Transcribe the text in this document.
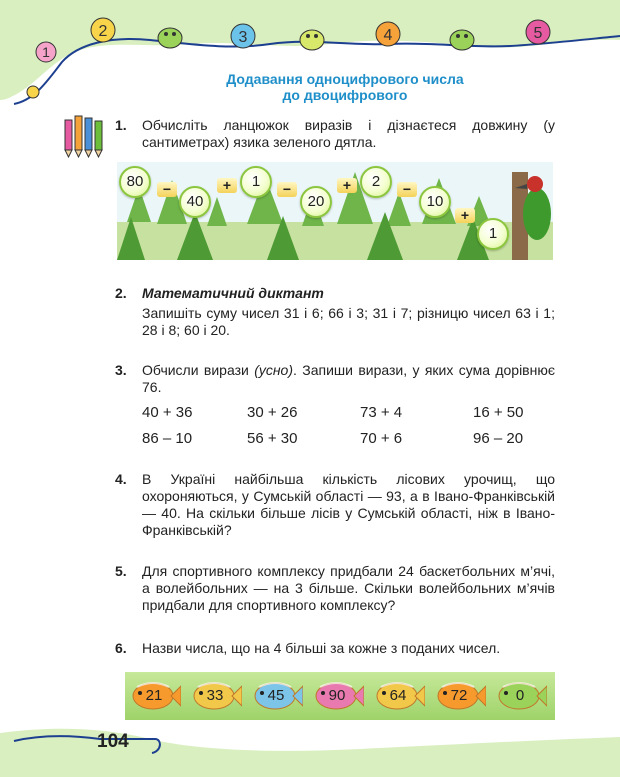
1
2	3	4	5
Додавання одноцифрового числа
до двоцифрового
1.	Обчисліть ланцюжок виразів і дізнаєтеся довжину (у сантиметрах) язика зеленого дятла.
80
40
1
20
2
10
1
−	+	−	+	−
+
2.	Математичний диктант
Запишіть суму чисел 31 і 6; 66 і 3; 31 і 7; різницю чисел 63 і 1; 28 і 8; 60 і 20.
3.	Обчисли вирази (усно). Запиши вирази, у яких сума дорівнює 76.
40 + 36	30 + 26	73 + 4	16 + 50
86 – 10	56 + 30	70 + 6	96 – 20
4.	В Україні найбільша кількість лісових урочищ, що охороняються, у Сумській області — 93, а в Івано-Франківській — 40. На скільки більше лісів у Сумській області, ніж в Івано-Франківській?
5.	Для спортивного комплексу придбали 24 баскетбольних м’ячі, а волейбольних — на 3 більше. Скільки волейбольних м’ячів придбали для спортивного комплексу?
6.	Назви числа, що на 4 більші за кожне з поданих чисел.
21	33	45	90	64	72	0
104
